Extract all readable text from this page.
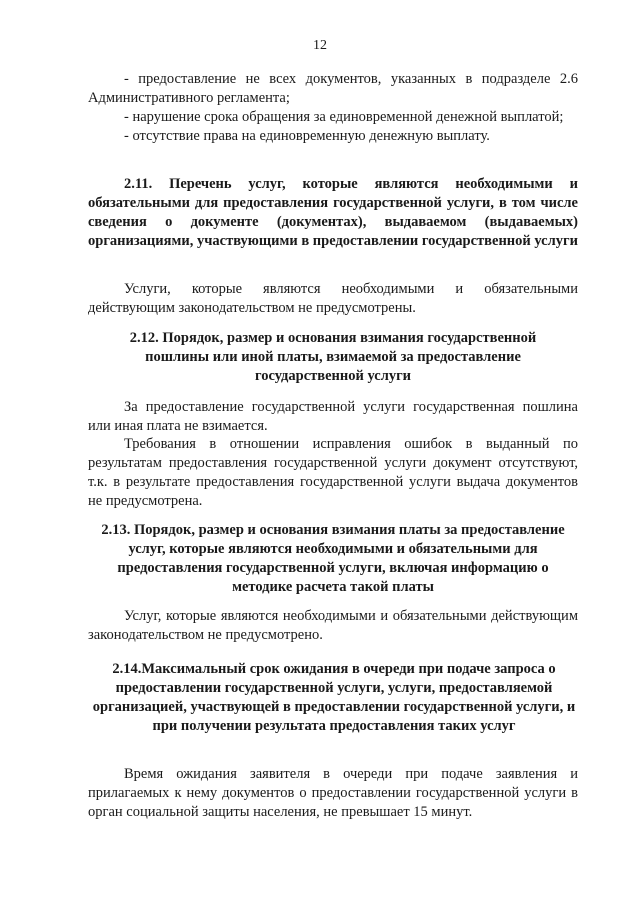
12

- предоставление не всех документов, указанных в подразделе 2.6 Административного регламента;

- нарушение срока обращения за единовременной денежной выплатой;

- отсутствие права на единовременную денежную выплату.

2.11. Перечень услуг, которые являются необходимыми и обязательными для предоставления государственной услуги, в том числе сведения о документе (документах), выдаваемом (выдаваемых) организациями, участвующими в предоставлении государственной услуги
Услуги, которые являются необходимыми и обязательными действующим законодательством не предусмотрены.
2.12. Порядок, размер и основания взимания государственной пошлины или иной платы, взимаемой за предоставление государственной услуги
За предоставление государственной услуги государственная пошлина или иная плата не взимается.
Требования в отношении исправления ошибок в выданный по результатам предоставления государственной услуги документ отсутствуют, т.к. в результате предоставления государственной услуги выдача документов не предусмотрена.
2.13. Порядок, размер и основания взимания платы за предоставление услуг, которые являются необходимыми и обязательными для предоставления государственной услуги, включая информацию о методике расчета такой платы
Услуг, которые являются необходимыми и обязательными действующим законодательством не предусмотрено.
2.14.Максимальный срок ожидания в очереди при подаче запроса о предоставлении государственной услуги, услуги, предоставляемой организацией, участвующей в предоставлении государственной услуги, и при получении результата предоставления таких услуг
Время ожидания заявителя в очереди при подаче заявления и прилагаемых к нему документов о предоставлении государственной услуги в орган социальной защиты населения, не превышает 15 минут.
